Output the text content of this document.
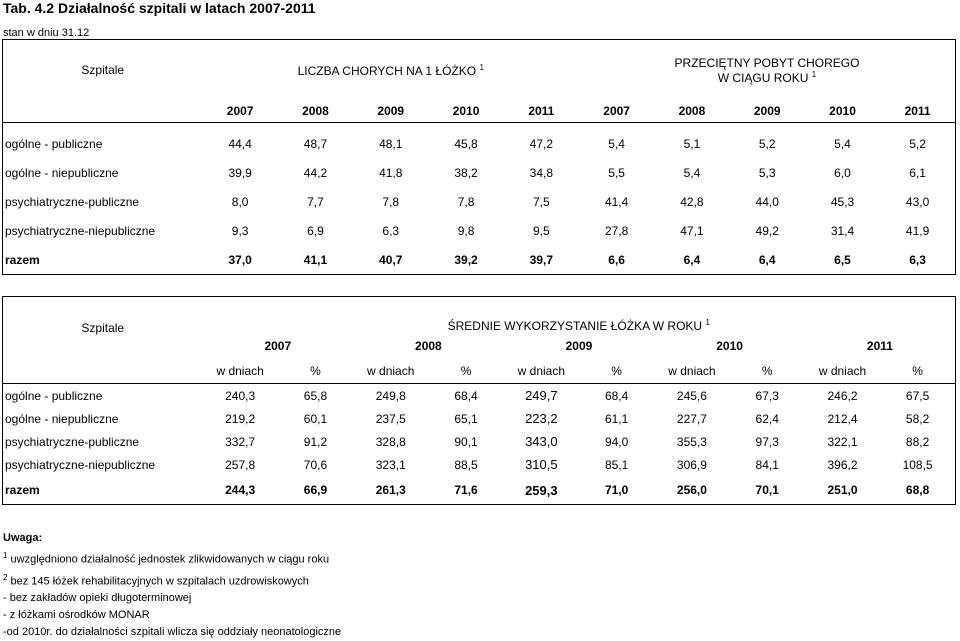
Tab. 4.2 Działalność szpitali w latach 2007-2011
stan w dniu 31.12
Szpitale	LICZBA CHORYCH NA 1 ŁÓŻKO $^1$					PRZECIĘTNY POBYT CHOREGO
W CIĄGU ROKU $^1$
	2007	2008	2009	2010	2011	2007	2008	2009	2010	2011
ogólne - publiczne	44,4	48,7	48,1	45,8	47,2	5,4	5,1	5,2	5,4	5,2
ogólne - niepubliczne	39,9	44,2	41,8	38,2	34,8	5,5	5,4	5,3	6,0	6,1
psychiatryczne-publiczne	8,0	7,7	7,8	7,8	7,5	41,4	42,8	44,0	45,3	43,0
psychiatryczne-niepubliczne	9,3	6,9	6,3	9,8	9,5	27,8	47,1	49,2	31,4	41,9
razem	37,0	41,1	40,7	39,2	39,7	6,6	6,4	6,4	6,5	6,3
Szpitale	ŚREDNIE WYKORZYSTANIE ŁÓŻKA W ROKU $^1$
	2007		2008		2009		2010		2011	
	w dniach	%	w dniach	%	w dniach	%	w dniach	%	w dniach	%
ogólne - publiczne	240,3	65,8	249,8	68,4	249,7	68,4	245,6	67,3	246,2	67,5
ogólne - niepubliczne	219,2	60,1	237,5	65,1	223,2	61,1	227,7	62,4	212,4	58,2
psychiatryczne-publiczne	332,7	91,2	328,8	90,1	343,0	94,0	355,3	97,3	322,1	88,2
psychiatryczne-niepubliczne	257,8	70,6	323,1	88,5	310,5	85,1	306,9	84,1	396,2	108,5
razem	244,3	66,9	261,3	71,6	259,3	71,0	256,0	70,1	251,0	68,8
Uwaga:
$^1$ uwzględniono działalność jednostek zlikwidowanych w ciągu roku
$^2$ bez 145 łóżek rehabilitacyjnych w szpitalach uzdrowiskowych
- bez zakładów opieki długoterminowej
- z łóżkami ośrodków MONAR
-od 2010r. do działalności szpitali wlicza się oddziały neonatologiczne
